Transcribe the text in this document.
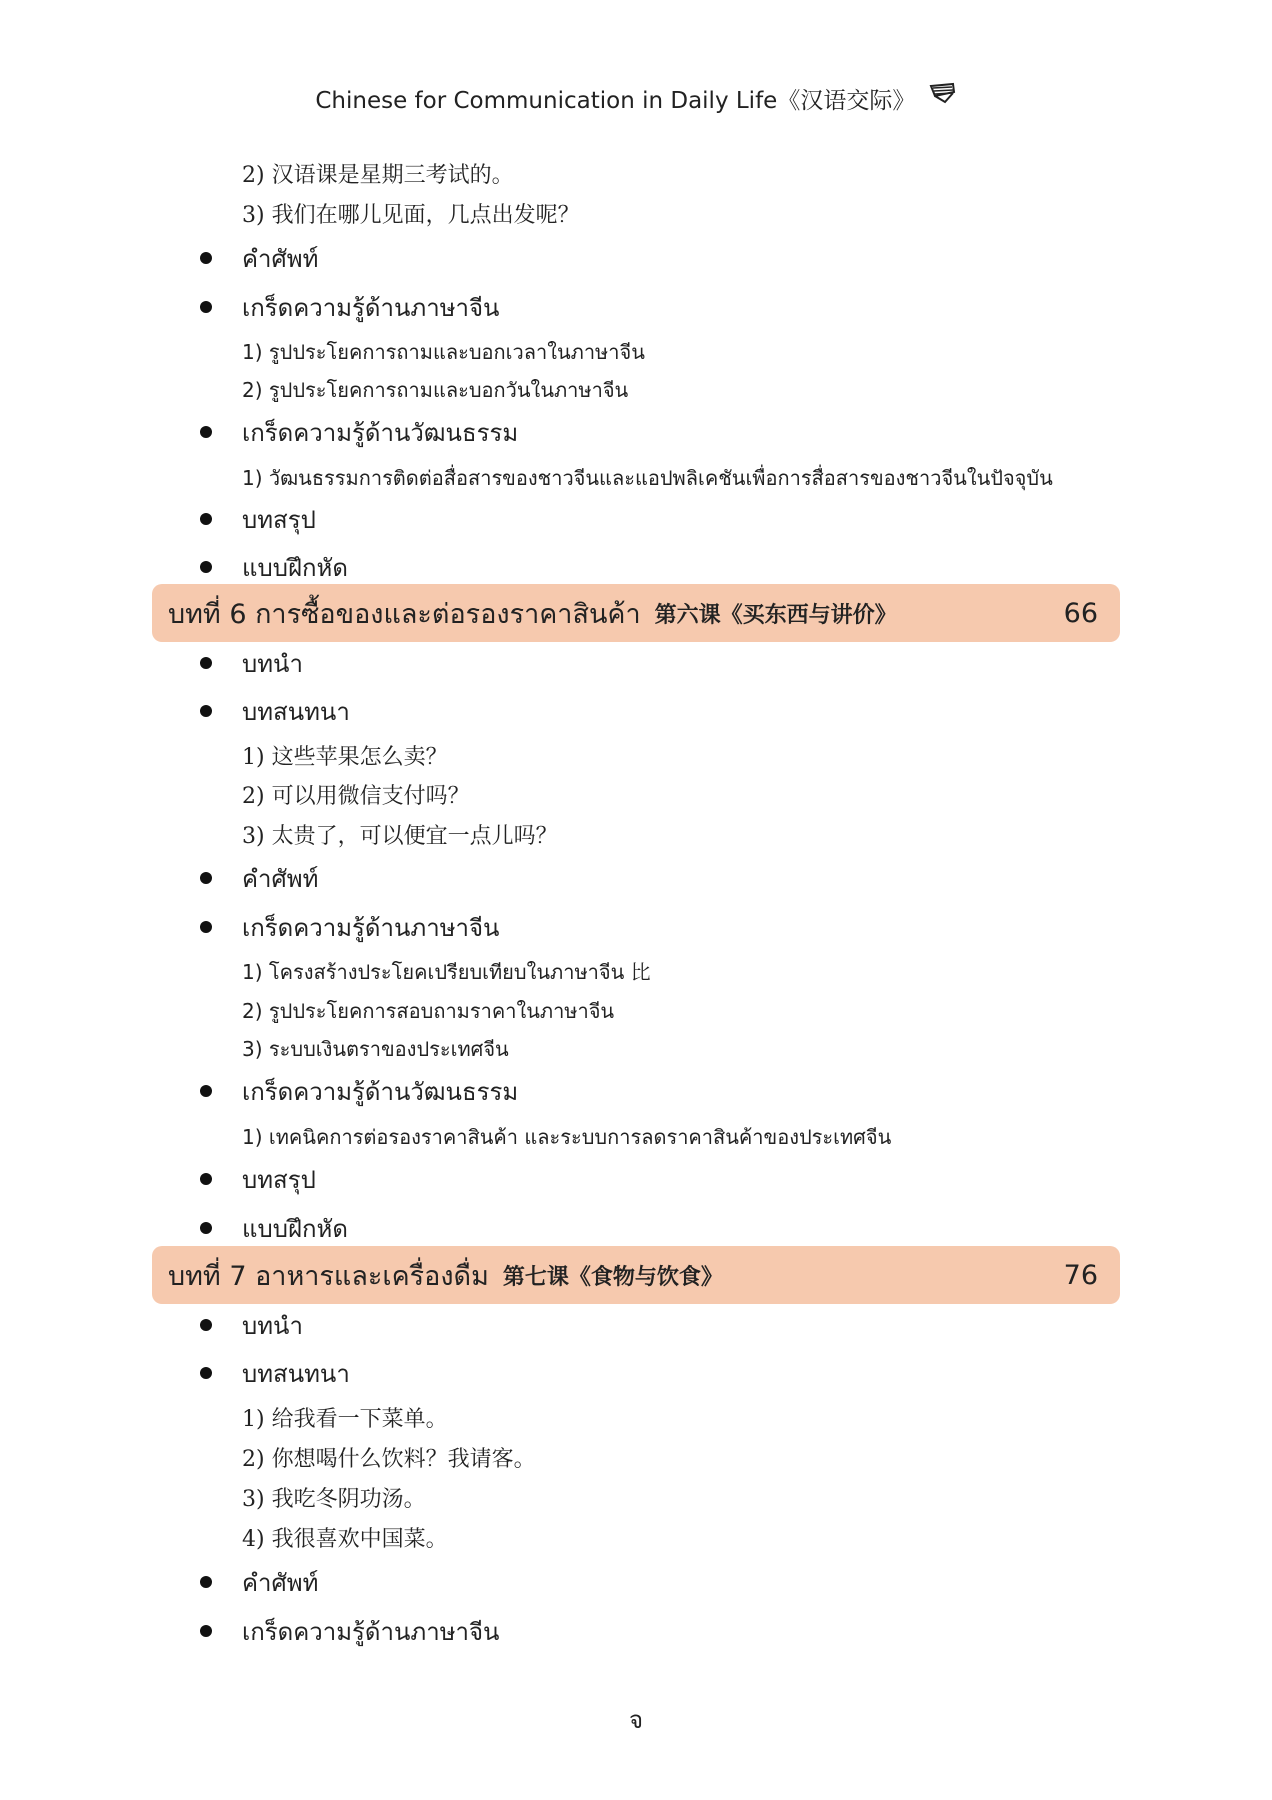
Chinese for Communication in Daily Life《汉语交际》
2) 汉语课是星期三考试的。
3) 我们在哪儿见面，几点出发呢？
คำศัพท์
เกร็ดความรู้ด้านภาษาจีน
1) รูปประโยคการถามและบอกเวลาในภาษาจีน
2) รูปประโยคการถามและบอกวันในภาษาจีน
เกร็ดความรู้ด้านวัฒนธรรม
1) วัฒนธรรมการติดต่อสื่อสารของชาวจีนและแอปพลิเคชันเพื่อการสื่อสารของชาวจีนในปัจจุบัน
บทสรุป
แบบฝึกหัด
บทที่ 6 การซื้อของและต่อรองราคาสินค้า 第六课《买东西与讲价》	66
บทนำ
บทสนทนา
1) 这些苹果怎么卖？
2) 可以用微信支付吗？
3) 太贵了，可以便宜一点儿吗？
คำศัพท์
เกร็ดความรู้ด้านภาษาจีน
1) โครงสร้างประโยคเปรียบเทียบในภาษาจีน 比
2) รูปประโยคการสอบถามราคาในภาษาจีน
3) ระบบเงินตราของประเทศจีน
เกร็ดความรู้ด้านวัฒนธรรม
1) เทคนิคการต่อรองราคาสินค้า และระบบการลดราคาสินค้าของประเทศจีน
บทสรุป
แบบฝึกหัด
บทที่ 7 อาหารและเครื่องดื่ม 第七课《食物与饮食》	76
บทนำ
บทสนทนา
1) 给我看一下菜单。
2) 你想喝什么饮料？我请客。
3) 我吃冬阴功汤。
4) 我很喜欢中国菜。
คำศัพท์
เกร็ดความรู้ด้านภาษาจีน
จ
